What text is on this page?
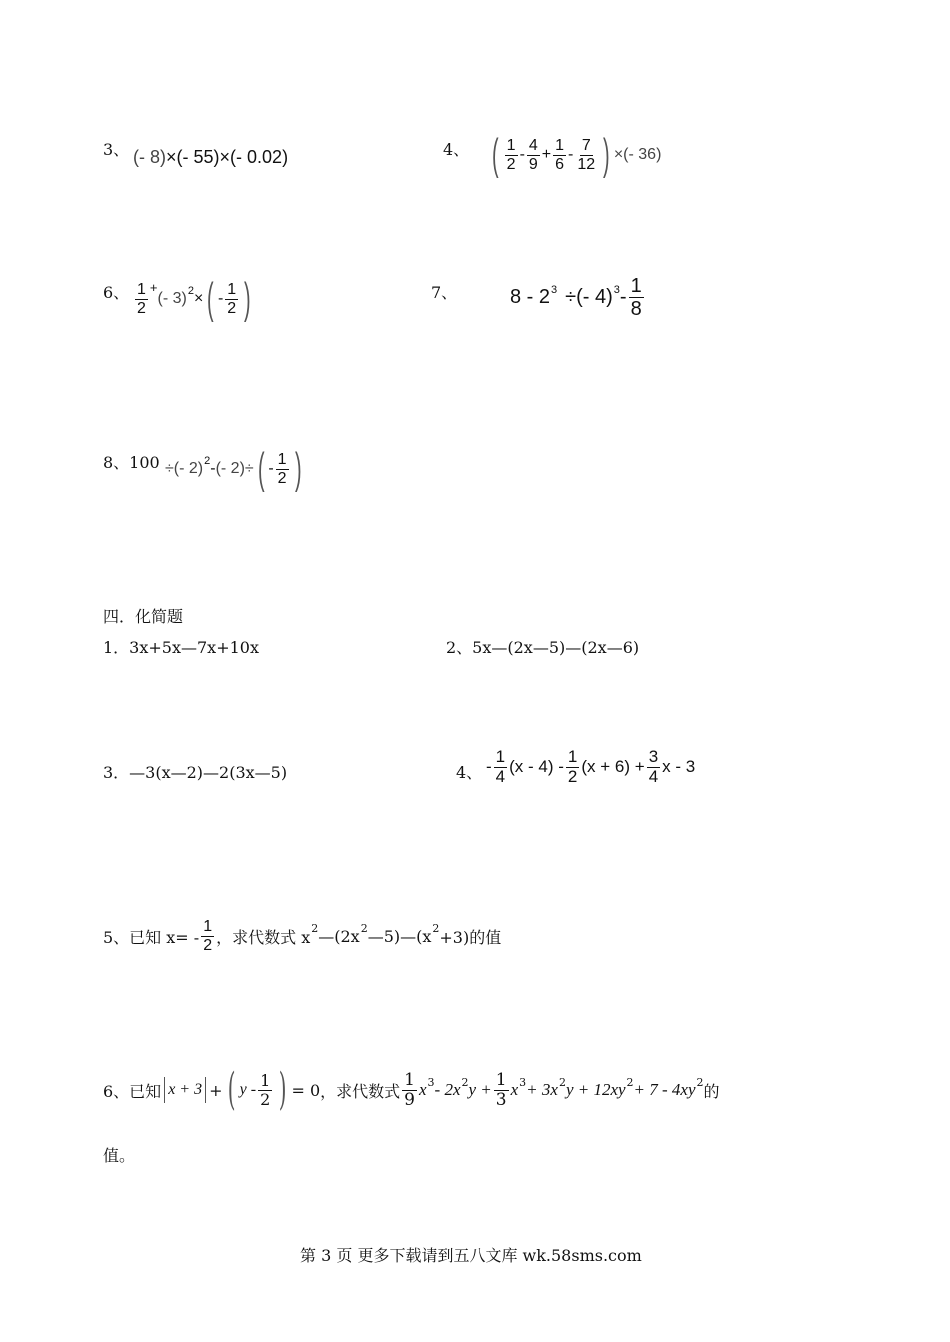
3、 (- 8) ×(- 55) ×(- 0.02)	4、 ( $\frac{1}{2} - \frac{4}{9} + \frac{1}{6} - \frac{7}{12}$ ) ×(- 36)
6、 $\frac{1}{2}$ +
(- 3) 2 × ( - $\frac{1}{2}$ )	7、	8 - 2 3 ÷(- 4) $3 - \frac{1}{8}$
8、100 ÷(- 2) 2 - (- 2)÷ ( - $\frac{1}{2}$ )
四．化简题
1．3x+5x—7x+10x	2、5x—(2x—5)—(2x—6)
3．—3(x—2)—2(3x—5)	4、 - $\frac{1}{4} (x - 4) - \frac{1}{2} (x + 6) + \frac{3}{4}$ x - 3
5、已知 $x= - \frac{1}{2}$ ，求代数式 x 2 —(2x 2 —5)—(x 2 +3)的值
6、已知 x + 3 + ( y - $\frac{1}{2}$ ) = 0 ，求代数式 $\frac{1}{9}$ x 3 - 2x 2 $y + \frac{1}{3}$ x 3 + 3x 2 y + 12xy 2 + 7 - 4xy 2 的
值。
第 3 页 更多下载请到五八文库 wk.58sms.com
